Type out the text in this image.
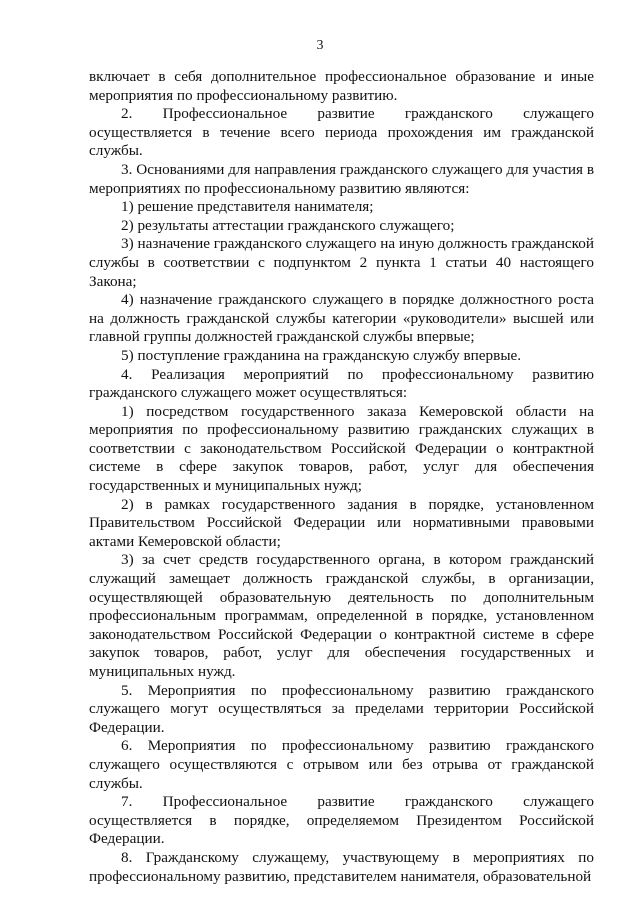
3

включает в себя дополнительное профессиональное образование и иные мероприятия по профессиональному развитию.

2. Профессиональное развитие гражданского служащего осуществляется в течение всего периода прохождения им гражданской службы.

3. Основаниями для направления гражданского служащего для участия в мероприятиях по профессиональному развитию являются:

1) решение представителя нанимателя;

2) результаты аттестации гражданского служащего;

3) назначение гражданского служащего на иную должность гражданской службы в соответствии с подпунктом 2 пункта 1 статьи 40 настоящего Закона;

4) назначение гражданского служащего в порядке должностного роста на должность гражданской службы категории «руководители» высшей или главной группы должностей гражданской службы впервые;

5) поступление гражданина на гражданскую службу впервые.

4. Реализация мероприятий по профессиональному развитию гражданского служащего может осуществляться:

1) посредством государственного заказа Кемеровской области на мероприятия по профессиональному развитию гражданских служащих в соответствии с законодательством Российской Федерации о контрактной системе в сфере закупок товаров, работ, услуг для обеспечения государственных и муниципальных нужд;

2) в рамках государственного задания в порядке, установленном Правительством Российской Федерации или нормативными правовыми актами Кемеровской области;

3) за счет средств государственного органа, в котором гражданский служащий замещает должность гражданской службы, в организации, осуществляющей образовательную деятельность по дополнительным профессиональным программам, определенной в порядке, установленном законодательством Российской Федерации о контрактной системе в сфере закупок товаров, работ, услуг для обеспечения государственных и муниципальных нужд.

5. Мероприятия по профессиональному развитию гражданского служащего могут осуществляться за пределами территории Российской Федерации.

6. Мероприятия по профессиональному развитию гражданского служащего осуществляются с отрывом или без отрыва от гражданской службы.

7. Профессиональное развитие гражданского служащего осуществляется в порядке, определяемом Президентом Российской Федерации.

8. Гражданскому служащему, участвующему в мероприятиях по профессиональному развитию, представителем нанимателя, образовательной
